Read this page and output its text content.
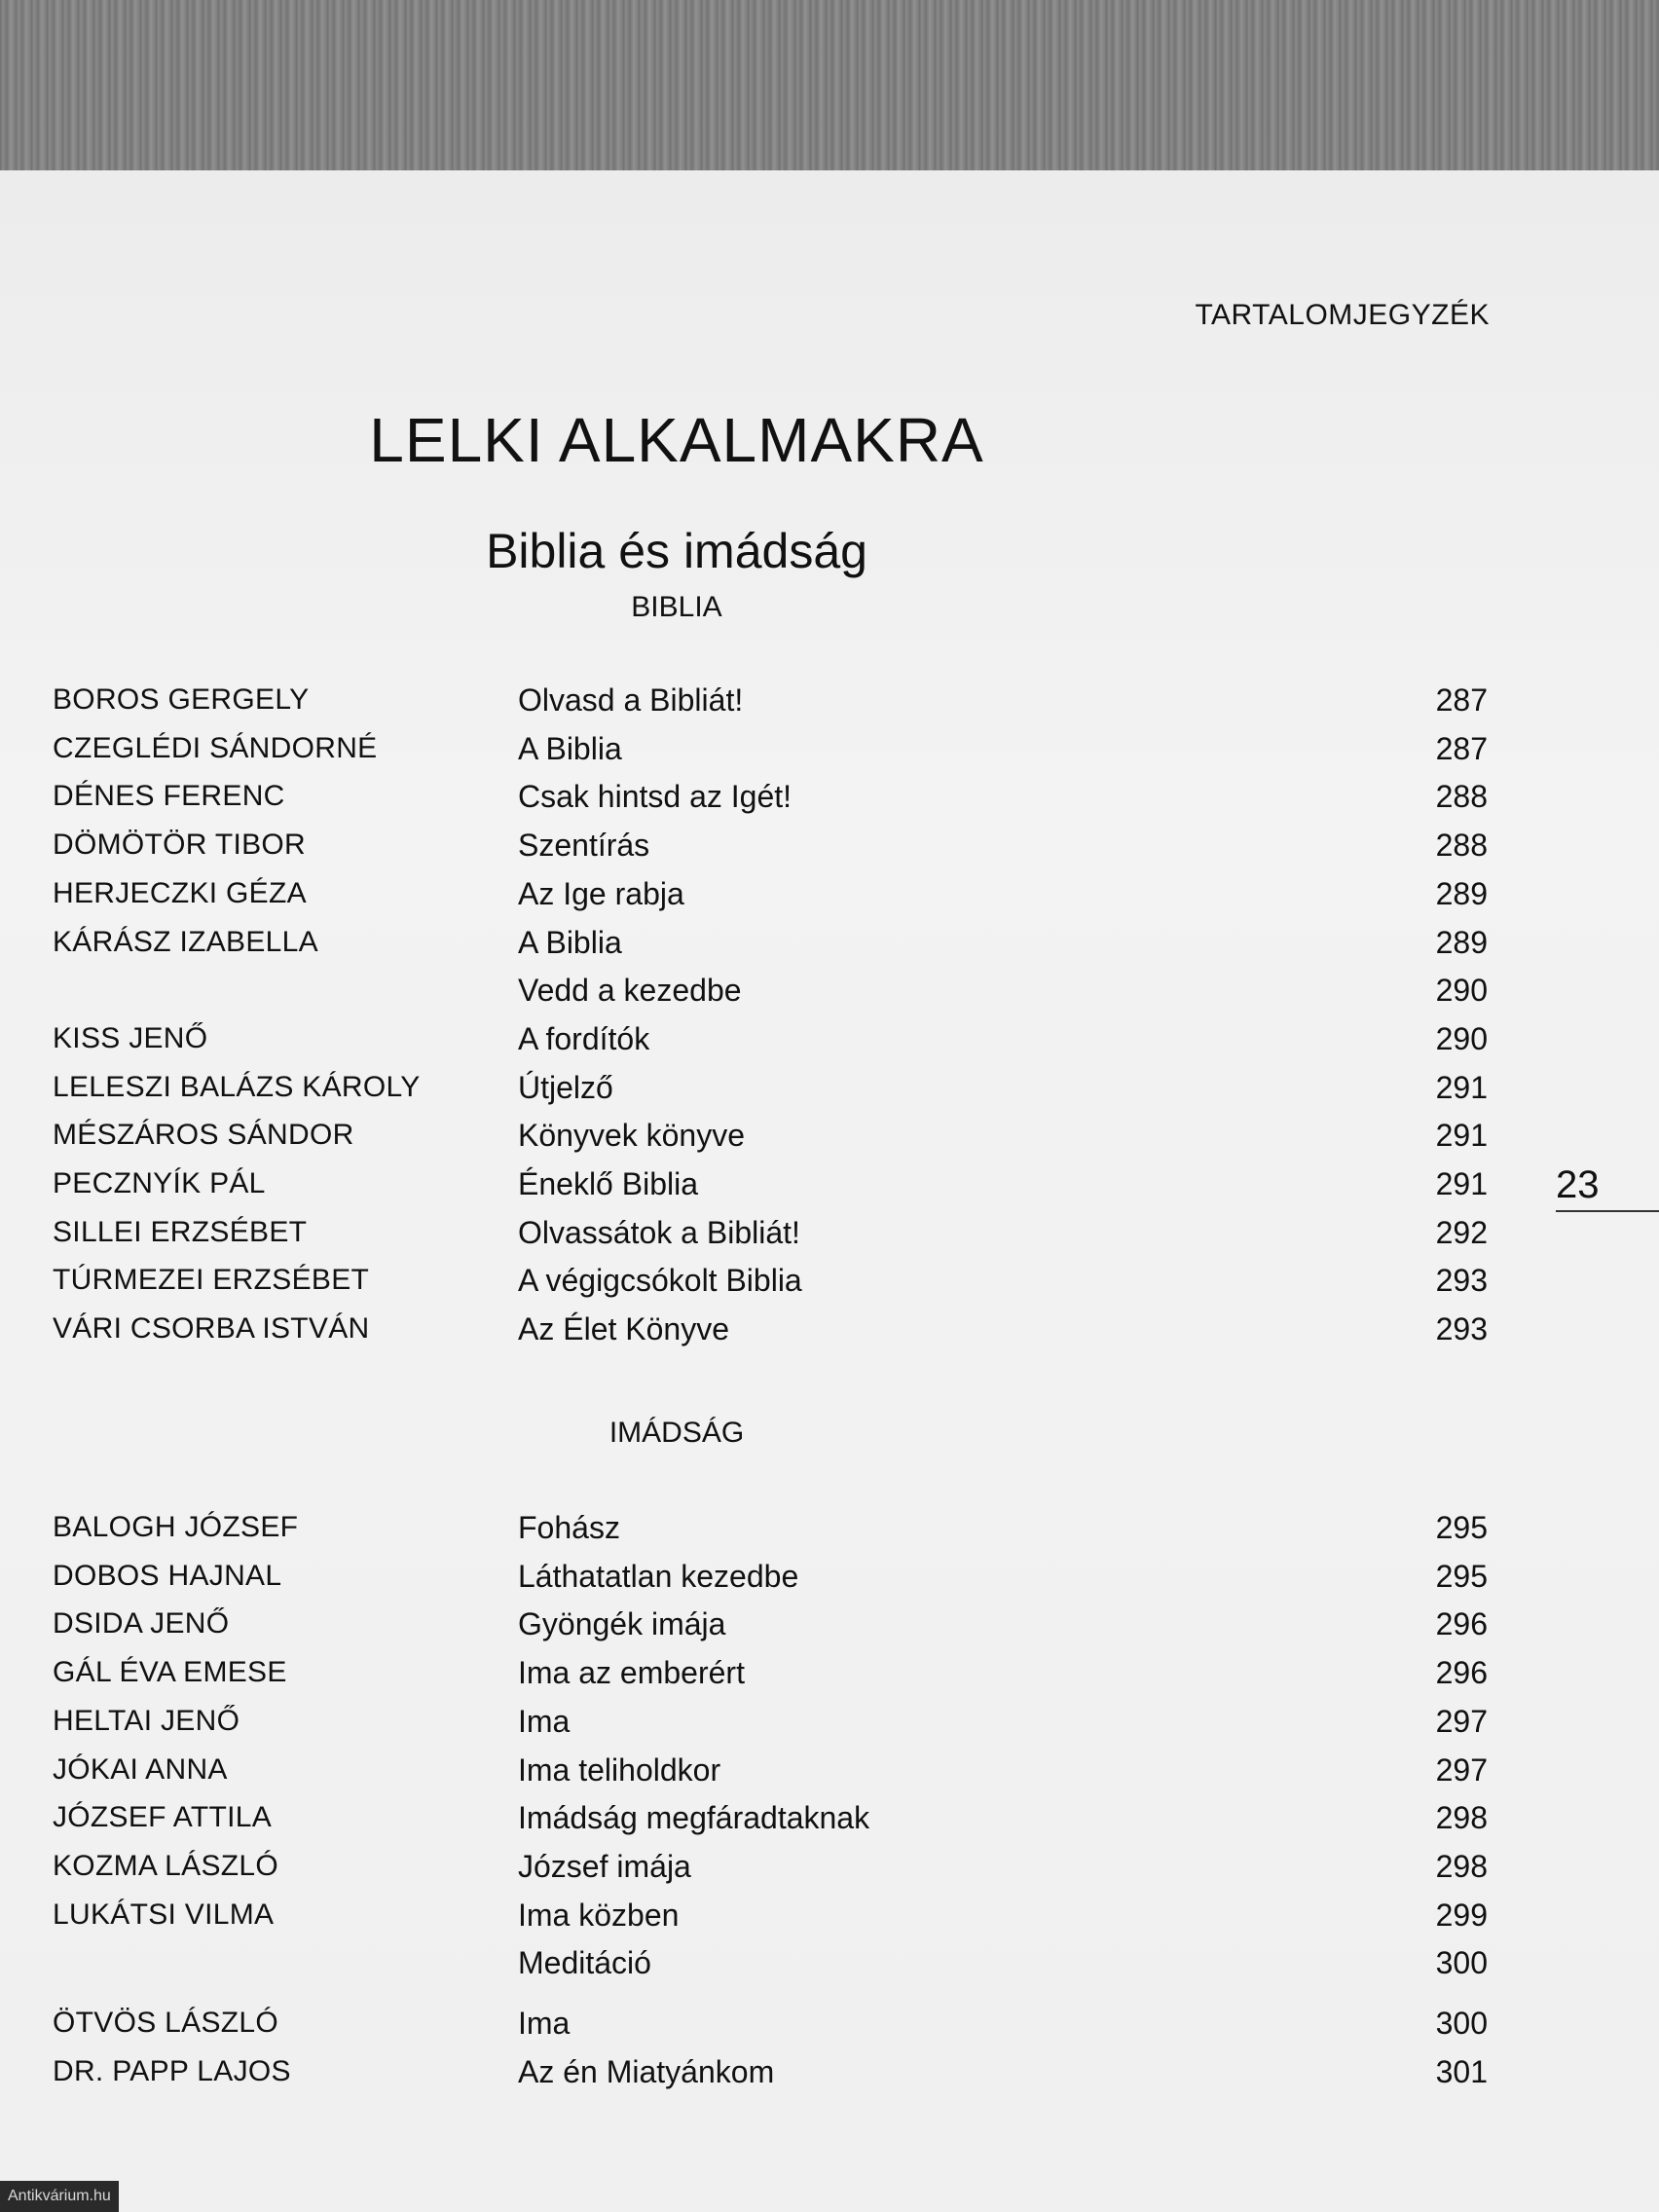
TARTALOMJEGYZÉK
LELKI ALKALMAKRA
Biblia és imádság
BIBLIA
IMÁDSÁG
BOROS GERGELY	Olvasd a Bibliát!	287
CZEGLÉDI SÁNDORNÉ	A Biblia	287
DÉNES FERENC	Csak hintsd az Igét!	288
DÖMÖTÖR TIBOR	Szentírás	288
HERJECZKI GÉZA	Az Ige rabja	289
KÁRÁSZ IZABELLA	A Biblia	289
Vedd a kezedbe	290
KISS JENŐ	A fordítók	290
LELESZI BALÁZS KÁROLY	Útjelző	291
MÉSZÁROS SÁNDOR	Könyvek könyve	291
PECZNYÍK PÁL	Éneklő Biblia	291
SILLEI ERZSÉBET	Olvassátok a Bibliát!	292
TÚRMEZEI ERZSÉBET	A végigcsókolt Biblia	293
VÁRI CSORBA ISTVÁN	Az Élet Könyve	293
BALOGH JÓZSEF	Fohász	295
DOBOS HAJNAL	Láthatatlan kezedbe	295
DSIDA JENŐ	Gyöngék imája	296
GÁL ÉVA EMESE	Ima az emberért	296
HELTAI JENŐ	Ima	297
JÓKAI ANNA	Ima teliholdkor	297
JÓZSEF ATTILA	Imádság megfáradtaknak	298
KOZMA LÁSZLÓ	József imája	298
LUKÁTSI VILMA	Ima közben	299
Meditáció	300
ÖTVÖS LÁSZLÓ	Ima	300
DR. PAPP LAJOS	Az én Miatyánkom	301
23
Antikvárium.hu
